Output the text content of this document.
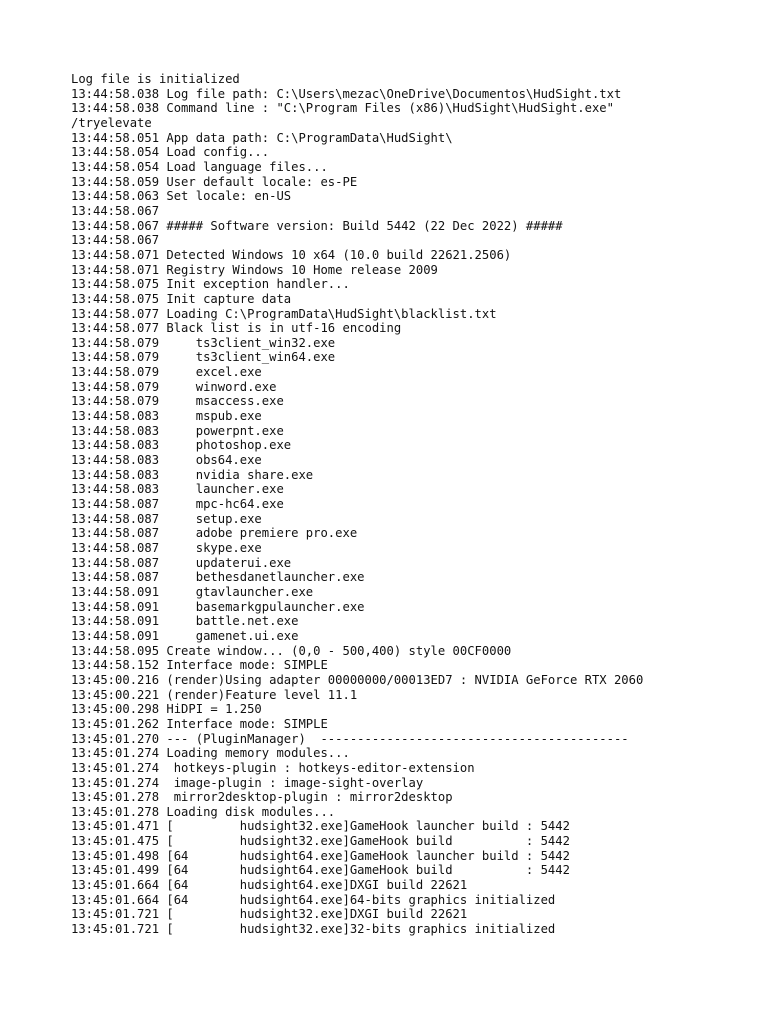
Log file is initialized
13:44:58.038 Log file path: C:\Users\mezac\OneDrive\Documentos\HudSight.txt
13:44:58.038 Command line : "C:\Program Files (x86)\HudSight\HudSight.exe"
/tryelevate
13:44:58.051 App data path: C:\ProgramData\HudSight\
13:44:58.054 Load config...
13:44:58.054 Load language files...
13:44:58.059 User default locale: es-PE
13:44:58.063 Set locale: en-US
13:44:58.067
13:44:58.067 ##### Software version: Build 5442 (22 Dec 2022) #####
13:44:58.067
13:44:58.071 Detected Windows 10 x64 (10.0 build 22621.2506)
13:44:58.071 Registry Windows 10 Home release 2009
13:44:58.075 Init exception handler...
13:44:58.075 Init capture data
13:44:58.077 Loading C:\ProgramData\HudSight\blacklist.txt
13:44:58.077 Black list is in utf-16 encoding
13:44:58.079     ts3client_win32.exe
13:44:58.079     ts3client_win64.exe
13:44:58.079     excel.exe
13:44:58.079     winword.exe
13:44:58.079     msaccess.exe
13:44:58.083     mspub.exe
13:44:58.083     powerpnt.exe
13:44:58.083     photoshop.exe
13:44:58.083     obs64.exe
13:44:58.083     nvidia share.exe
13:44:58.083     launcher.exe
13:44:58.087     mpc-hc64.exe
13:44:58.087     setup.exe
13:44:58.087     adobe premiere pro.exe
13:44:58.087     skype.exe
13:44:58.087     updaterui.exe
13:44:58.087     bethesdanetlauncher.exe
13:44:58.091     gtavlauncher.exe
13:44:58.091     basemarkgpulauncher.exe
13:44:58.091     battle.net.exe
13:44:58.091     gamenet.ui.exe
13:44:58.095 Create window... (0,0 - 500,400) style 00CF0000
13:44:58.152 Interface mode: SIMPLE
13:45:00.216 (render)Using adapter 00000000/00013ED7 : NVIDIA GeForce RTX 2060
13:45:00.221 (render)Feature level 11.1
13:45:00.298 HiDPI = 1.250
13:45:01.262 Interface mode: SIMPLE
13:45:01.270 --- (PluginManager)  ------------------------------------------
13:45:01.274 Loading memory modules...
13:45:01.274  hotkeys-plugin : hotkeys-editor-extension
13:45:01.274  image-plugin : image-sight-overlay
13:45:01.278  mirror2desktop-plugin : mirror2desktop
13:45:01.278 Loading disk modules...
13:45:01.471 [         hudsight32.exe]GameHook launcher build : 5442
13:45:01.475 [         hudsight32.exe]GameHook build          : 5442
13:45:01.498 [64       hudsight64.exe]GameHook launcher build : 5442
13:45:01.499 [64       hudsight64.exe]GameHook build          : 5442
13:45:01.664 [64       hudsight64.exe]DXGI build 22621
13:45:01.664 [64       hudsight64.exe]64-bits graphics initialized
13:45:01.721 [         hudsight32.exe]DXGI build 22621
13:45:01.721 [         hudsight32.exe]32-bits graphics initialized
